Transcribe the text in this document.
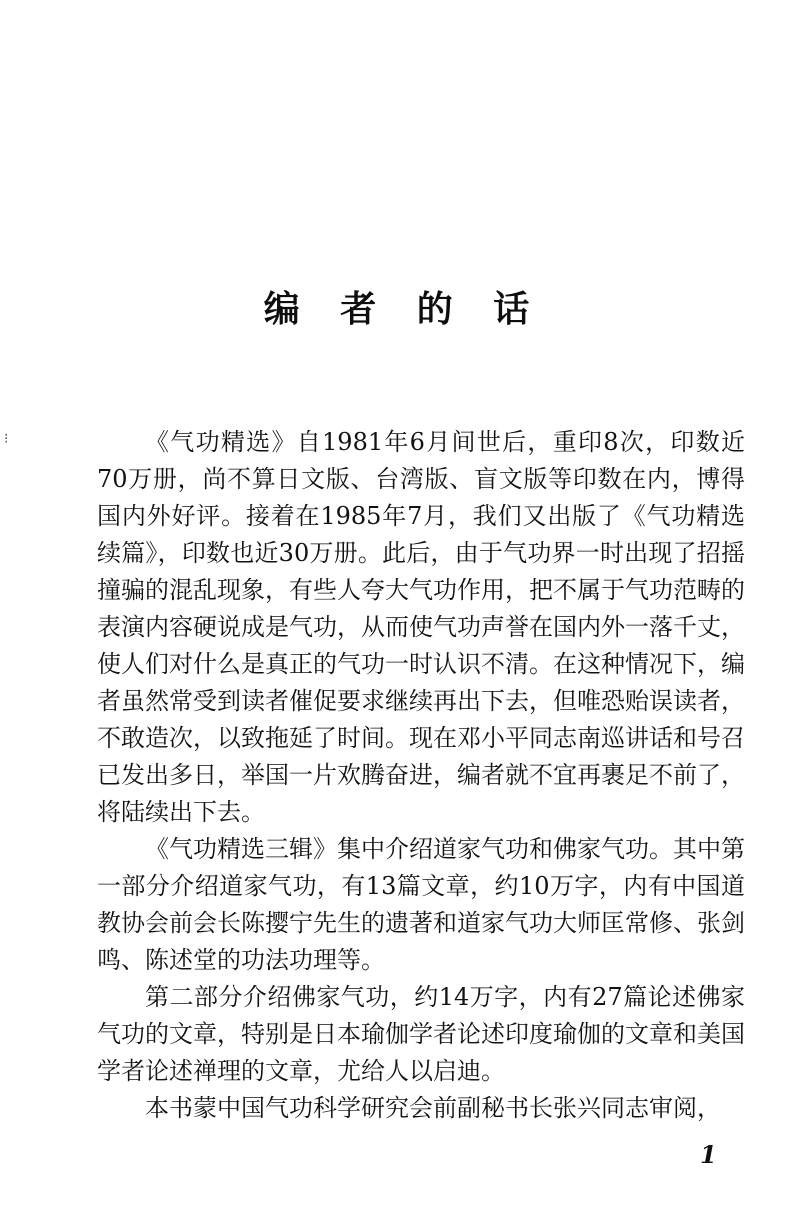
⁝
编 者 的 话

《气功精选》自1981年6月间世后，重印8次，印数近70万册，尚不算日文版、台湾版、盲文版等印数在内，博得国内外好评。接着在1985年7月，我们又出版了《气功精选续篇》，印数也近30万册。此后，由于气功界一时出现了招摇撞骗的混乱现象，有些人夸大气功作用，把不属于气功范畴的表演内容硬说成是气功，从而使气功声誉在国内外一落千丈，使人们对什么是真正的气功一时认识不清。在这种情况下，编者虽然常受到读者催促要求继续再出下去，但唯恐贻误读者，不敢造次，以致拖延了时间。现在邓小平同志南巡讲话和号召已发出多日，举国一片欢腾奋进，编者就不宜再裹足不前了，将陆续出下去。

《气功精选三辑》集中介绍道家气功和佛家气功。其中第一部分介绍道家气功，有13篇文章，约10万字，内有中国道教协会前会长陈撄宁先生的遗著和道家气功大师匡常修、张剑鸣、陈述堂的功法功理等。

第二部分介绍佛家气功，约14万字，内有27篇论述佛家气功的文章，特别是日本瑜伽学者论述印度瑜伽的文章和美国学者论述禅理的文章，尤给人以启迪。

本书蒙中国气功科学研究会前副秘书长张兴同志审阅，

1
